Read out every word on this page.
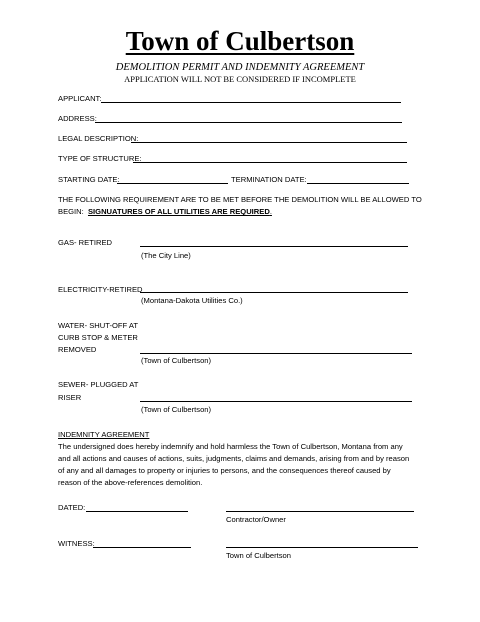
Town of Culbertson
DEMOLITION PERMIT AND INDEMNITY AGREEMENT
APPLICATION WILL NOT BE CONSIDERED IF INCOMPLETE
APPLICANT:
ADDRESS:
LEGAL DESCRIPTION:
TYPE OF STRUCTURE:
STARTING DATE:	TERMINATION DATE:
THE FOLLOWING REQUIREMENT ARE TO BE MET BEFORE THE DEMOLITION WILL BE ALLOWED TO
BEGIN: SIGNUATURES OF ALL UTILITIES ARE REQUIRED.
GAS- RETIRED
(The City Line)
ELECTRICITY-RETIRED
(Montana-Dakota Utilities Co.)
WATER- SHUT-OFF AT
CURB STOP & METER
REMOVED
(Town of Culbertson)
SEWER- PLUGGED AT
RISER
(Town of Culbertson)
INDEMNITY AGREEMENT
The undersigned does hereby indemnify and hold harmless the Town of Culbertson, Montana from any
and all actions and causes of actions, suits, judgments, claims and demands, arising from and by reason
of any and all damages to property or injuries to persons, and the consequences thereof caused by
reason of the above-references demolition.
DATED:
Contractor/Owner
WITNESS:
Town of Culbertson
